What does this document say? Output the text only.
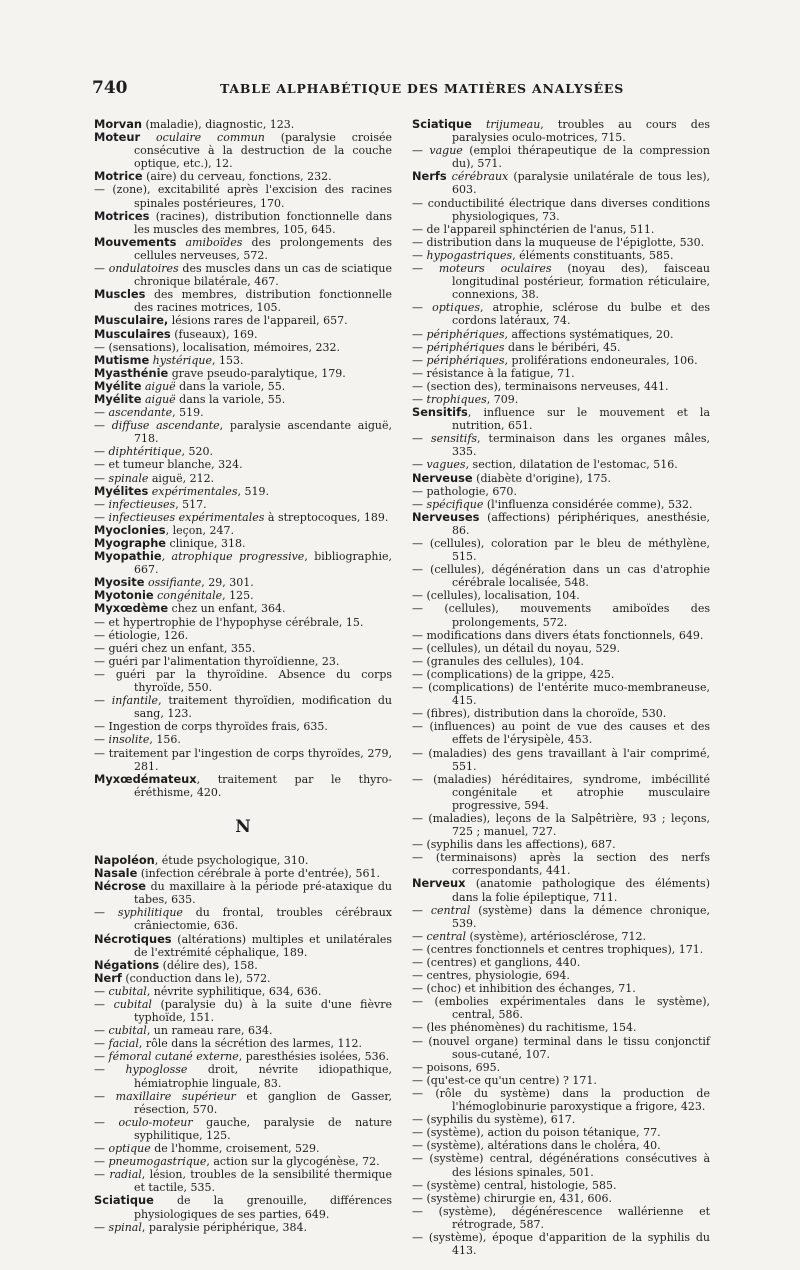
740	TABLE ALPHABÉTIQUE DES MATIÈRES ANALYSÉES

Morvan (maladie), diagnostic, 123.

Moteur oculaire commun (paralysie croisée consécutive à la destruction de la couche optique, etc.), 12.

Motrice (aire) du cerveau, fonctions, 232.

— (zone), excitabilité après l'excision des racines spinales postérieures, 170.

Motrices (racines), distribution fonctionnelle dans les muscles des membres, 105, 645.

Mouvements amiboïdes des prolongements des cellules nerveuses, 572.

— ondulatoires des muscles dans un cas de sciatique chronique bilatérale, 467.

Muscles des membres, distribution fonctionnelle des racines motrices, 105.

Musculaire, lésions rares de l'appareil, 657.

Musculaires (fuseaux), 169.

— (sensations), localisation, mémoires, 232.

Mutisme hystérique, 153.

Myasthénie grave pseudo-paralytique, 179.

Myélite aiguë dans la variole, 55.

Myélite aiguë dans la variole, 55.

— ascendante, 519.

— diffuse ascendante, paralysie ascendante aiguë, 718.

— diphtéritique, 520.

— et tumeur blanche, 324.

— spinale aiguë, 212.

Myélites expérimentales, 519.

— infectieuses, 517.

— infectieuses expérimentales à streptocoques, 189.

Myoclonies, leçon, 247.

Myographe clinique, 318.

Myopathie, atrophique progressive, bibliographie, 667.

Myosite ossifiante, 29, 301.

Myotonie congénitale, 125.

Myxœdème chez un enfant, 364.

— et hypertrophie de l'hypophyse cérébrale, 15.

— étiologie, 126.

— guéri chez un enfant, 355.

— guéri par l'alimentation thyroïdienne, 23.

— guéri par la thyroïdine. Absence du corps thyroïde, 550.

— infantile, traitement thyroïdien, modification du sang, 123.

— Ingestion de corps thyroïdes frais, 635.

— insolite, 156.

— traitement par l'ingestion de corps thyroïdes, 279, 281.

Myxœdémateux, traitement par le thyro-éréthisme, 420.

N

Napoléon, étude psychologique, 310.

Nasale (infection cérébrale à porte d'entrée), 561.

Nécrose du maxillaire à la période pré-ataxique du tabes, 635.

— syphilitique du frontal, troubles cérébraux crâniectomie, 636.

Nécrotiques (altérations) multiples et unilatérales de l'extrémité céphalique, 189.

Négations (délire des), 158.

Nerf (conduction dans le), 572.

— cubital, névrite syphilitique, 634, 636.

— cubital (paralysie du) à la suite d'une fièvre typhoïde, 151.

— cubital, un rameau rare, 634.

— facial, rôle dans la sécrétion des larmes, 112.

— fémoral cutané externe, paresthésies isolées, 536.

— hypoglosse droit, névrite idiopathique, hémiatrophie linguale, 83.

— maxillaire supérieur et ganglion de Gasser, résection, 570.

— oculo-moteur gauche, paralysie de nature syphilitique, 125.

— optique de l'homme, croisement, 529.

— pneumogastrique, action sur la glycogénèse, 72.

— radial, lésion, troubles de la sensibilité thermique et tactile, 535.

Sciatique de la grenouille, différences physiologiques de ses parties, 649.

— spinal, paralysie périphérique, 384.

Sciatique trijumeau, troubles au cours des paralysies oculo-motrices, 715.

— vague (emploi thérapeutique de la compression du), 571.

Nerfs cérébraux (paralysie unilatérale de tous les), 603.

— conductibilité électrique dans diverses conditions physiologiques, 73.

— de l'appareil sphinctérien de l'anus, 511.

— distribution dans la muqueuse de l'épiglotte, 530.

— hypogastriques, éléments constituants, 585.

— moteurs oculaires (noyau des), faisceau longitudinal postérieur, formation réticulaire, connexions, 38.

— optiques, atrophie, sclérose du bulbe et des cordons latéraux, 74.

— périphériques, affections systématiques, 20.

— périphériques dans le béribéri, 45.

— périphériques, proliférations endoneurales, 106.

— résistance à la fatigue, 71.

— (section des), terminaisons nerveuses, 441.

— trophiques, 709.

Sensitifs, influence sur le mouvement et la nutrition, 651.

— sensitifs, terminaison dans les organes mâles, 335.

— vagues, section, dilatation de l'estomac, 516.

Nerveuse (diabète d'origine), 175.

— pathologie, 670.

— spécifique (l'influenza considérée comme), 532.

Nerveuses (affections) périphériques, anesthésie, 86.

— (cellules), coloration par le bleu de méthylène, 515.

— (cellules), dégénération dans un cas d'atrophie cérébrale localisée, 548.

— (cellules), localisation, 104.

— (cellules), mouvements amiboïdes des prolongements, 572.

— modifications dans divers états fonctionnels, 649.

— (cellules), un détail du noyau, 529.

— (granules des cellules), 104.

— (complications) de la grippe, 425.

— (complications) de l'entérite muco-membraneuse, 415.

— (fibres), distribution dans la choroïde, 530.

— (influences) au point de vue des causes et des effets de l'érysipèle, 453.

— (maladies) des gens travaillant à l'air comprimé, 551.

— (maladies) héréditaires, syndrome, imbécillité congénitale et atrophie musculaire progressive, 594.

— (maladies), leçons de la Salpêtrière, 93 ; leçons, 725 ; manuel, 727.

— (syphilis dans les affections), 687.

— (terminaisons) après la section des nerfs correspondants, 441.

Nerveux (anatomie pathologique des éléments) dans la folie épileptique, 711.

— central (système) dans la démence chronique, 539.

— central (système), artériosclérose, 712.

— (centres fonctionnels et centres trophiques), 171.

— (centres) et ganglions, 440.

— centres, physiologie, 694.

— (choc) et inhibition des échanges, 71.

— (embolies expérimentales dans le système), central, 586.

— (les phénomènes) du rachitisme, 154.

— (nouvel organe) terminal dans le tissu conjonctif sous-cutané, 107.

— poisons, 695.

— (qu'est-ce qu'un centre) ? 171.

— (rôle du système) dans la production de l'hémoglobinurie paroxystique a frigore, 423.

— (syphilis du système), 617.

— (système), action du poison tétanique, 77.

— (système), altérations dans le choléra, 40.

— (système) central, dégénérations consécutives à des lésions spinales, 501.

— (système) central, histologie, 585.

— (système) chirurgie en, 431, 606.

— (système), dégénérescence wallérienne et rétrograde, 587.

— (système), époque d'apparition de la syphilis du 413.
